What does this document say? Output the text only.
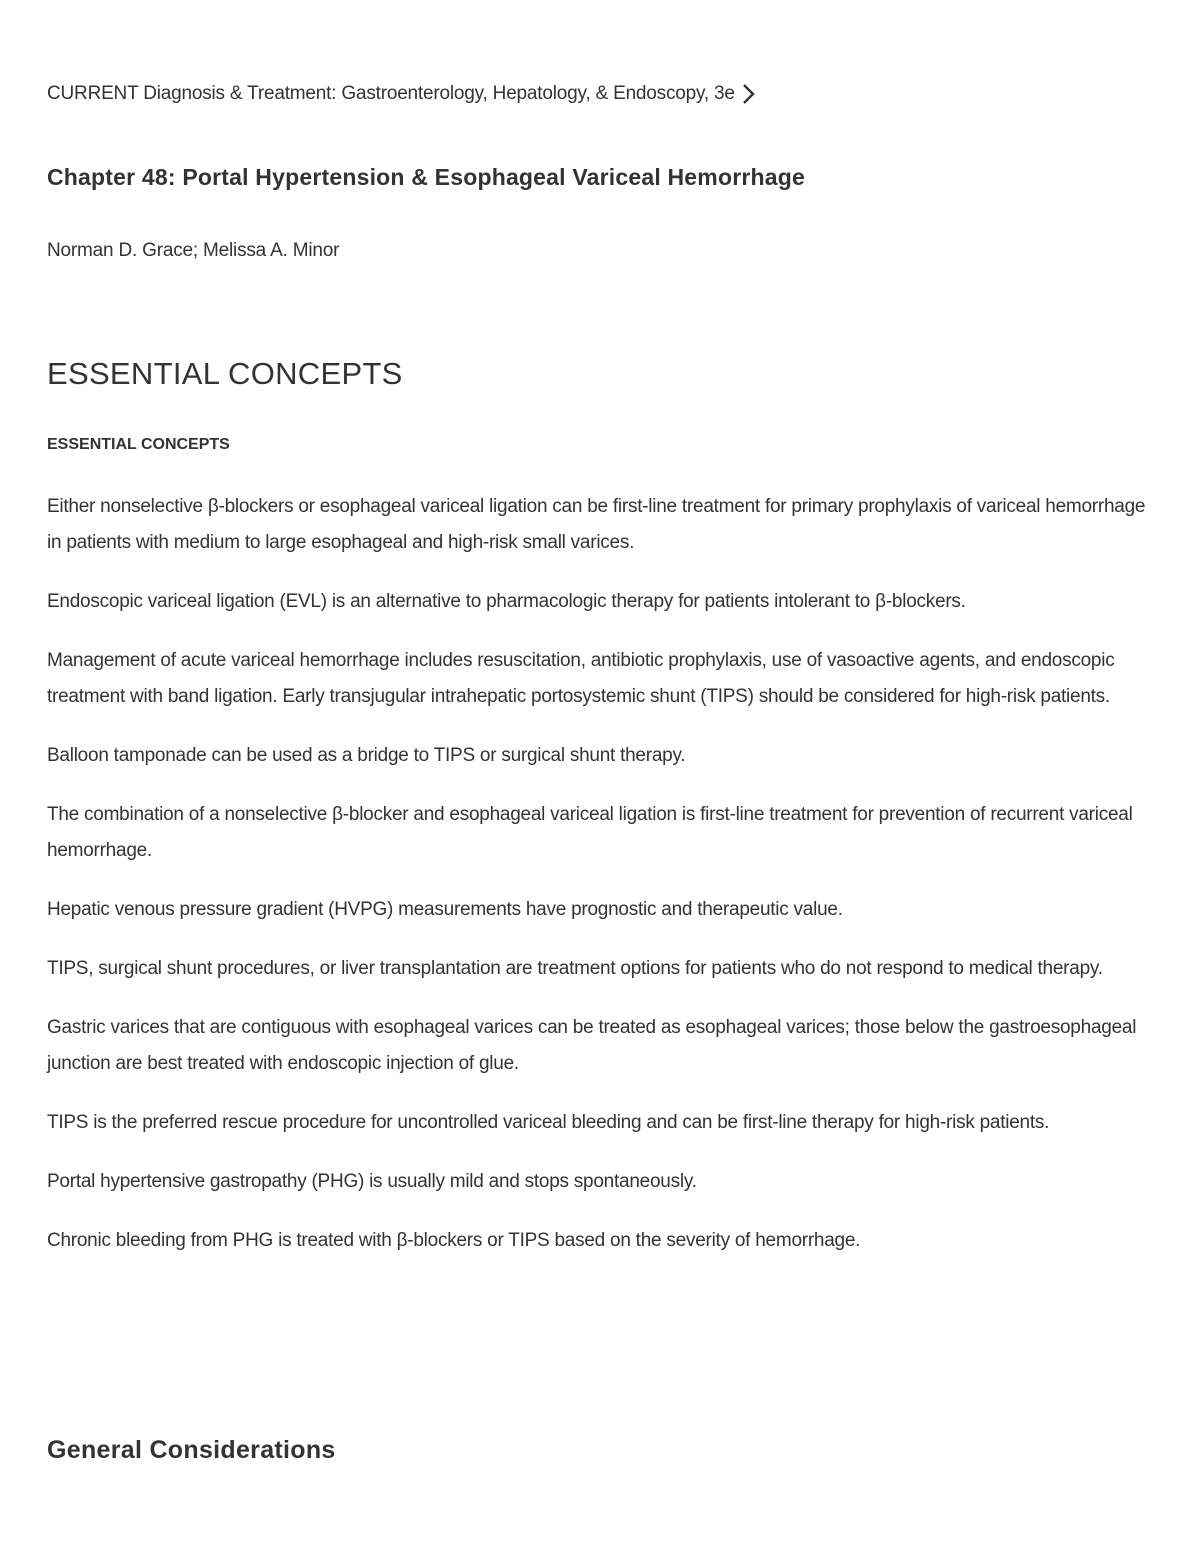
CURRENT Diagnosis & Treatment: Gastroenterology, Hepatology, & Endoscopy, 3e
Chapter 48: Portal Hypertension & Esophageal Variceal Hemorrhage
Norman D. Grace; Melissa A. Minor
ESSENTIAL CONCEPTS
ESSENTIAL CONCEPTS

Either nonselective β-blockers or esophageal variceal ligation can be first-line treatment for primary prophylaxis of variceal hemorrhage in patients with medium to large esophageal and high-risk small varices.

Endoscopic variceal ligation (EVL) is an alternative to pharmacologic therapy for patients intolerant to β-blockers.

Management of acute variceal hemorrhage includes resuscitation, antibiotic prophylaxis, use of vasoactive agents, and endoscopic treatment with band ligation. Early transjugular intrahepatic portosystemic shunt (TIPS) should be considered for high-risk patients.

Balloon tamponade can be used as a bridge to TIPS or surgical shunt therapy.

The combination of a nonselective β-blocker and esophageal variceal ligation is first-line treatment for prevention of recurrent variceal hemorrhage.

Hepatic venous pressure gradient (HVPG) measurements have prognostic and therapeutic value.

TIPS, surgical shunt procedures, or liver transplantation are treatment options for patients who do not respond to medical therapy.

Gastric varices that are contiguous with esophageal varices can be treated as esophageal varices; those below the gastroesophageal junction are best treated with endoscopic injection of glue.

TIPS is the preferred rescue procedure for uncontrolled variceal bleeding and can be first-line therapy for high-risk patients.

Portal hypertensive gastropathy (PHG) is usually mild and stops spontaneously.

Chronic bleeding from PHG is treated with β-blockers or TIPS based on the severity of hemorrhage.

General Considerations
